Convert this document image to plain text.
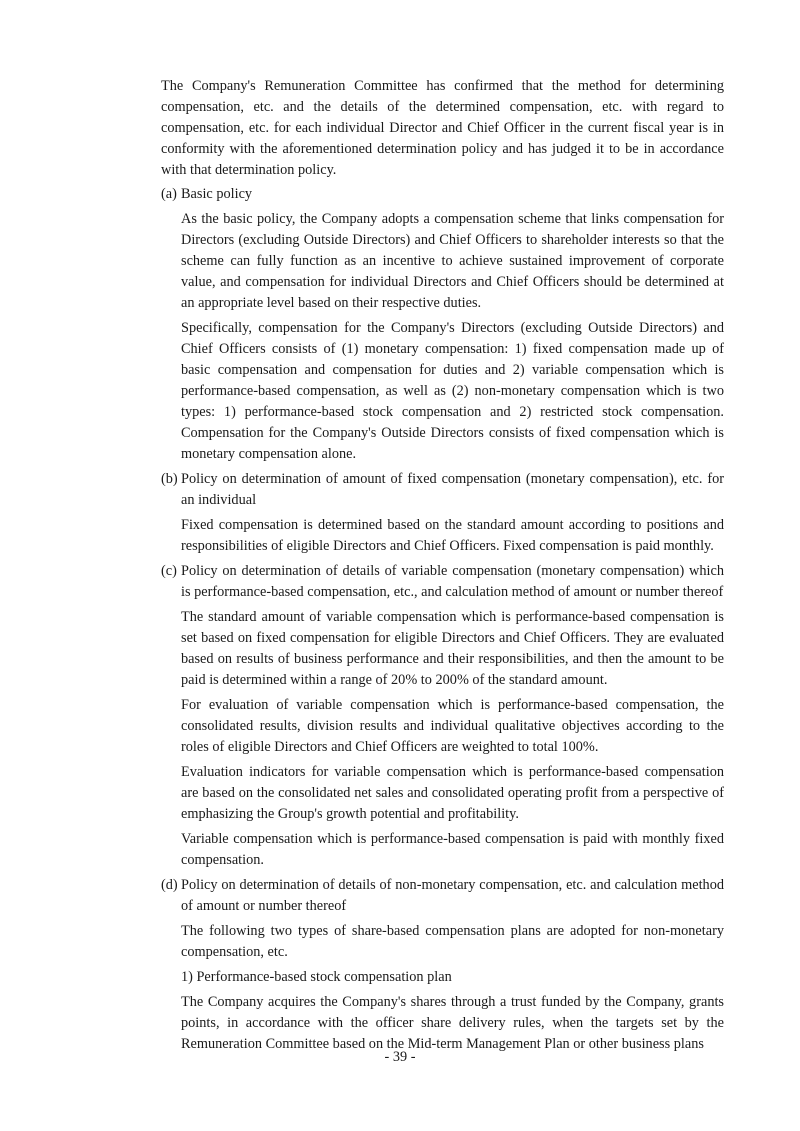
The Company's Remuneration Committee has confirmed that the method for determining compensation, etc. and the details of the determined compensation, etc. with regard to compensation, etc. for each individual Director and Chief Officer in the current fiscal year is in conformity with the aforementioned determination policy and has judged it to be in accordance with that determination policy.

(a) Basic policy

As the basic policy, the Company adopts a compensation scheme that links compensation for Directors (excluding Outside Directors) and Chief Officers to shareholder interests so that the scheme can fully function as an incentive to achieve sustained improvement of corporate value, and compensation for individual Directors and Chief Officers should be determined at an appropriate level based on their respective duties.

Specifically, compensation for the Company's Directors (excluding Outside Directors) and Chief Officers consists of (1) monetary compensation: 1) fixed compensation made up of basic compensation and compensation for duties and 2) variable compensation which is performance-based compensation, as well as (2) non-monetary compensation which is two types: 1) performance-based stock compensation and 2) restricted stock compensation. Compensation for the Company's Outside Directors consists of fixed compensation which is monetary compensation alone.

(b) Policy on determination of amount of fixed compensation (monetary compensation), etc. for an individual

Fixed compensation is determined based on the standard amount according to positions and responsibilities of eligible Directors and Chief Officers. Fixed compensation is paid monthly.

(c) Policy on determination of details of variable compensation (monetary compensation) which is performance-based compensation, etc., and calculation method of amount or number thereof

The standard amount of variable compensation which is performance-based compensation is set based on fixed compensation for eligible Directors and Chief Officers. They are evaluated based on results of business performance and their responsibilities, and then the amount to be paid is determined within a range of 20% to 200% of the standard amount.

For evaluation of variable compensation which is performance-based compensation, the consolidated results, division results and individual qualitative objectives according to the roles of eligible Directors and Chief Officers are weighted to total 100%.

Evaluation indicators for variable compensation which is performance-based compensation are based on the consolidated net sales and consolidated operating profit from a perspective of emphasizing the Group's growth potential and profitability.

Variable compensation which is performance-based compensation is paid with monthly fixed compensation.

(d) Policy on determination of details of non-monetary compensation, etc. and calculation method of amount or number thereof

The following two types of share-based compensation plans are adopted for non-monetary compensation, etc.

1) Performance-based stock compensation plan

The Company acquires the Company's shares through a trust funded by the Company, grants points, in accordance with the officer share delivery rules, when the targets set by the Remuneration Committee based on the Mid-term Management Plan or other business plans

- 39 -
